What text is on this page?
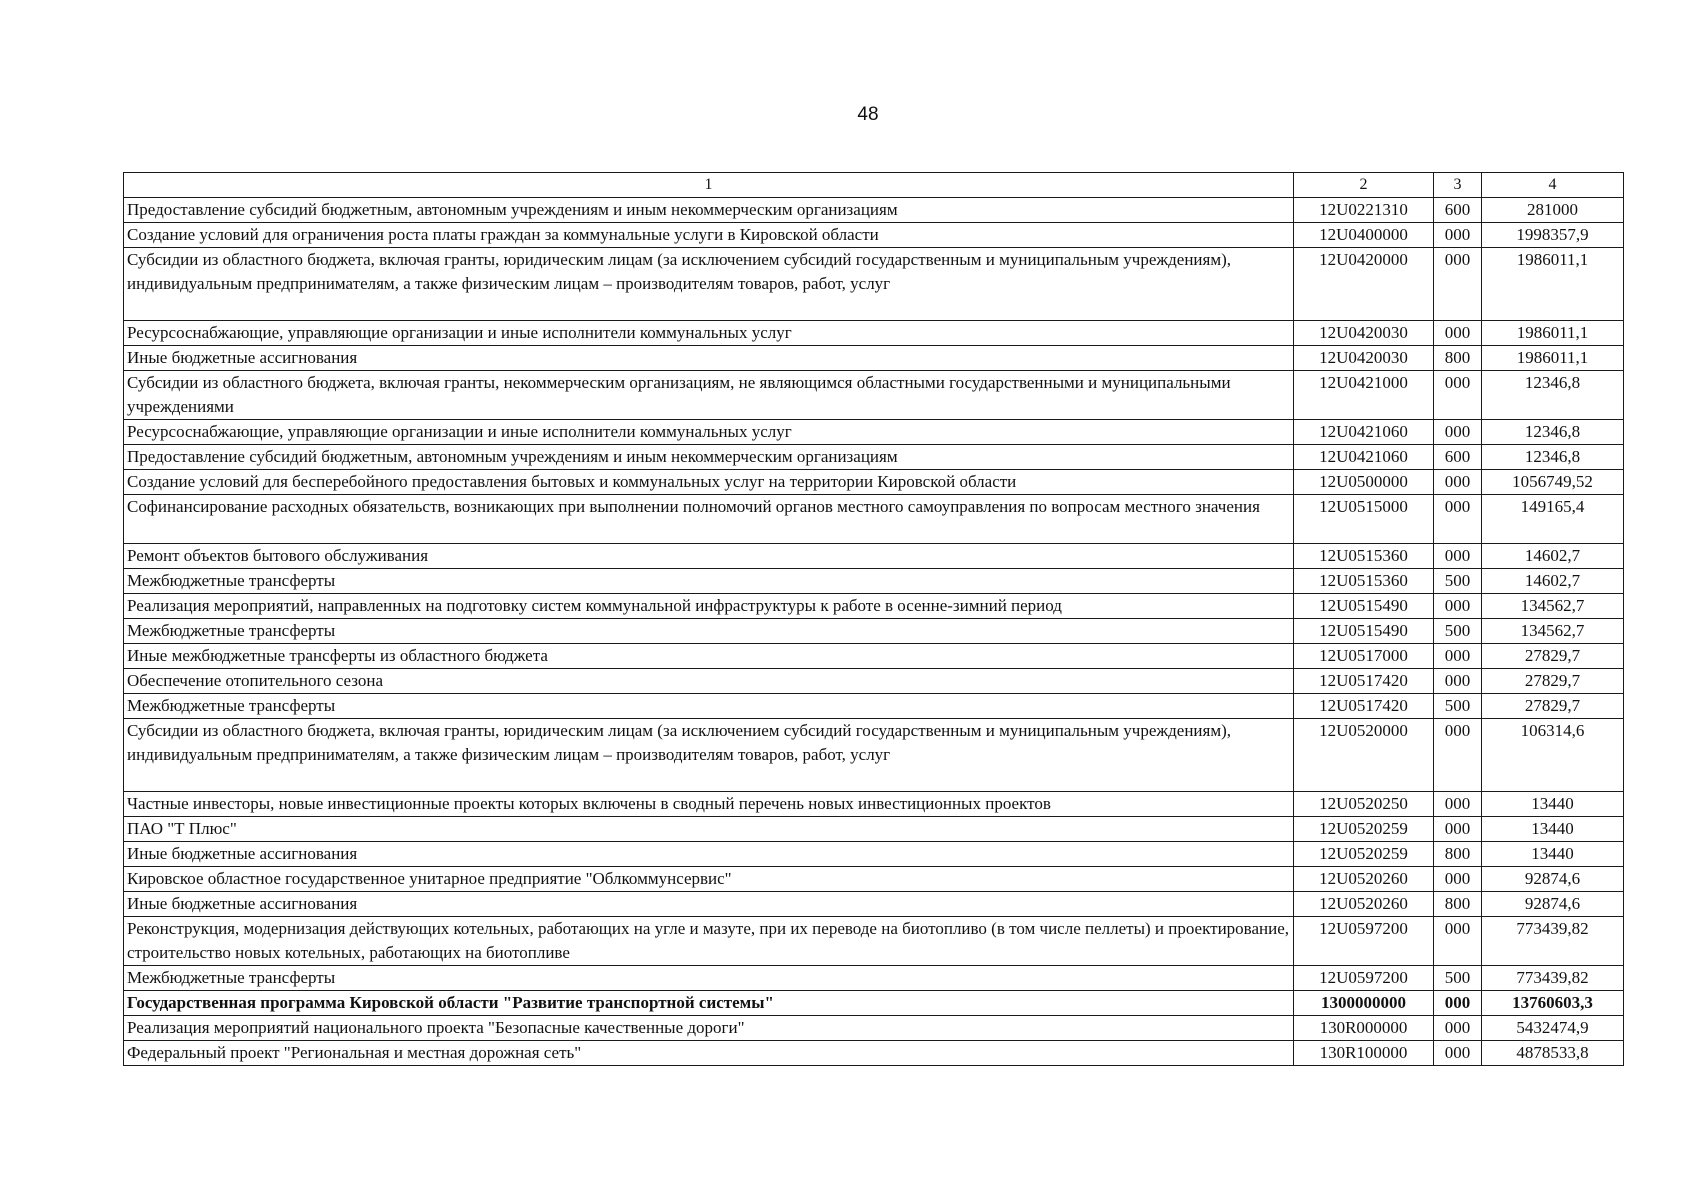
48
1	2	3	4
Предоставление субсидий бюджетным, автономным учреждениям и иным некоммерческим организациям	12U0221310	600	281000
Создание условий для ограничения роста платы граждан за коммунальные услуги в Кировской области	12U0400000	000	1998357,9
Субсидии из областного бюджета, включая гранты, юридическим лицам (за исключением субсидий государственным и муниципальным учреждениям), индивидуальным предпринимателям, а также физическим лицам – производителям товаров, работ, услуг	12U0420000	000	1986011,1
Ресурсоснабжающие, управляющие организации и иные исполнители коммунальных услуг	12U0420030	000	1986011,1
Иные бюджетные ассигнования	12U0420030	800	1986011,1
Субсидии из областного бюджета, включая гранты, некоммерческим организациям, не являющимся областными государственными и муниципальными учреждениями	12U0421000	000	12346,8
Ресурсоснабжающие, управляющие организации и иные исполнители коммунальных услуг	12U0421060	000	12346,8
Предоставление субсидий бюджетным, автономным учреждениям и иным некоммерческим организациям	12U0421060	600	12346,8
Создание условий для бесперебойного предоставления бытовых и коммунальных услуг на территории Кировской области	12U0500000	000	1056749,52
Софинансирование расходных обязательств, возникающих при выполнении полномочий органов местного самоуправления по вопросам местного значения	12U0515000	000	149165,4
Ремонт объектов бытового обслуживания	12U0515360	000	14602,7
Межбюджетные трансферты	12U0515360	500	14602,7
Реализация мероприятий, направленных на подготовку систем коммунальной инфраструктуры к работе в осенне-зимний период	12U0515490	000	134562,7
Межбюджетные трансферты	12U0515490	500	134562,7
Иные межбюджетные трансферты из областного бюджета	12U0517000	000	27829,7
Обеспечение отопительного сезона	12U0517420	000	27829,7
Межбюджетные трансферты	12U0517420	500	27829,7
Субсидии из областного бюджета, включая гранты, юридическим лицам (за исключением субсидий государственным и муниципальным учреждениям), индивидуальным предпринимателям, а также физическим лицам – производителям товаров, работ, услуг	12U0520000	000	106314,6
Частные инвесторы, новые инвестиционные проекты которых включены в сводный перечень новых инвестиционных проектов	12U0520250	000	13440
ПАО "Т Плюс"	12U0520259	000	13440
Иные бюджетные ассигнования	12U0520259	800	13440
Кировское областное государственное унитарное предприятие "Облкоммунсервис"	12U0520260	000	92874,6
Иные бюджетные ассигнования	12U0520260	800	92874,6
Реконструкция, модернизация действующих котельных, работающих на угле и мазуте, при их переводе на биотопливо (в том числе пеллеты) и проектирование, строительство новых котельных, работающих на биотопливе	12U0597200	000	773439,82
Межбюджетные трансферты	12U0597200	500	773439,82
Государственная программа Кировской области "Развитие транспортной системы"	1300000000	000	13760603,3
Реализация мероприятий национального проекта "Безопасные качественные дороги"	130R000000	000	5432474,9
Федеральный проект "Региональная и местная дорожная сеть"	130R100000	000	4878533,8
